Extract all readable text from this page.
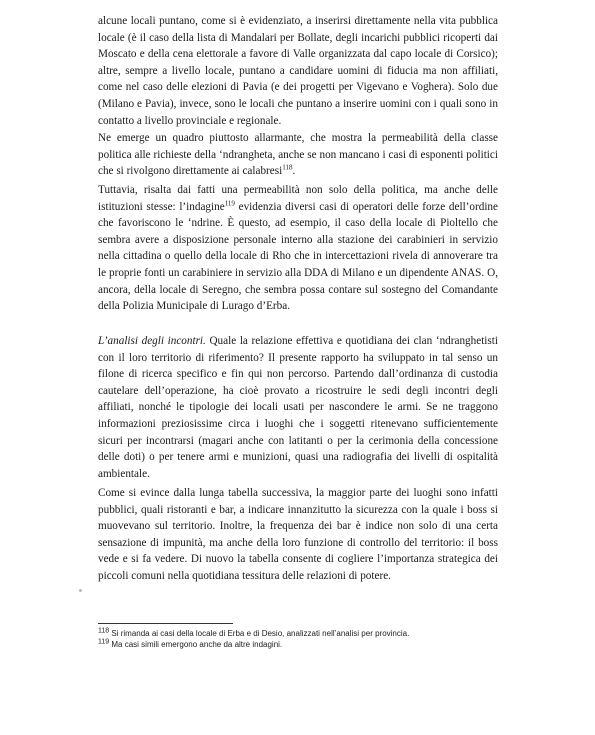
alcune locali puntano, come si è evidenziato, a inserirsi direttamente nella vita pubblica locale (è il caso della lista di Mandalari per Bollate, degli incarichi pubblici ricoperti dai Moscato e della cena elettorale a favore di Valle organizzata dal capo locale di Corsico); altre, sempre a livello locale, puntano a candidare uomini di fiducia ma non affiliati, come nel caso delle elezioni di Pavia (e dei progetti per Vigevano e Voghera). Solo due (Milano e Pavia), invece, sono le locali che puntano a inserire uomini con i quali sono in contatto a livello provinciale e regionale.

Ne emerge un quadro piuttosto allarmante, che mostra la permeabilità della classe politica alle richieste della ‘ndrangheta, anche se non mancano i casi di esponenti politici che si rivolgono direttamente ai calabresi$^{118}$.

Tuttavia, risalta dai fatti una permeabilità non solo della politica, ma anche delle istituzioni stesse: l’indagine$^{119}$ evidenzia diversi casi di operatori delle forze dell’ordine che favoriscono le ‘ndrine. È questo, ad esempio, il caso della locale di Pioltello che sembra avere a disposizione personale interno alla stazione dei carabinieri in servizio nella cittadina o quello della locale di Rho che in intercettazioni rivela di annoverare tra le proprie fonti un carabiniere in servizio alla DDA di Milano e un dipendente ANAS. O, ancora, della locale di Seregno, che sembra possa contare sul sostegno del Comandante della Polizia Municipale di Lurago d’Erba.

L’analisi degli incontri. Quale la relazione effettiva e quotidiana dei clan ‘ndranghetisti con il loro territorio di riferimento? Il presente rapporto ha sviluppato in tal senso un filone di ricerca specifico e fin qui non percorso. Partendo dall’ordinanza di custodia cautelare dell’operazione, ha cioè provato a ricostruire le sedi degli incontri degli affiliati, nonché le tipologie dei locali usati per nascondere le armi. Se ne traggono informazioni preziosissime circa i luoghi che i soggetti ritenevano sufficientemente sicuri per incontrarsi (magari anche con latitanti o per la cerimonia della concessione delle doti) o per tenere armi e munizioni, quasi una radiografia dei livelli di ospitalità ambientale.

Come si evince dalla lunga tabella successiva, la maggior parte dei luoghi sono infatti pubblici, quali ristoranti e bar, a indicare innanzitutto la sicurezza con la quale i boss si muovevano sul territorio. Inoltre, la frequenza dei bar è indice non solo di una certa sensazione di impunità, ma anche della loro funzione di controllo del territorio: il boss vede e si fa vedere. Di nuovo la tabella consente di cogliere l’importanza strategica dei piccoli comuni nella quotidiana tessitura delle relazioni di potere.

$^{118}$ Si rimanda ai casi della locale di Erba e di Desio, analizzati nell’analisi per provincia.
$^{119}$ Ma casi simili emergono anche da altre indagini.
